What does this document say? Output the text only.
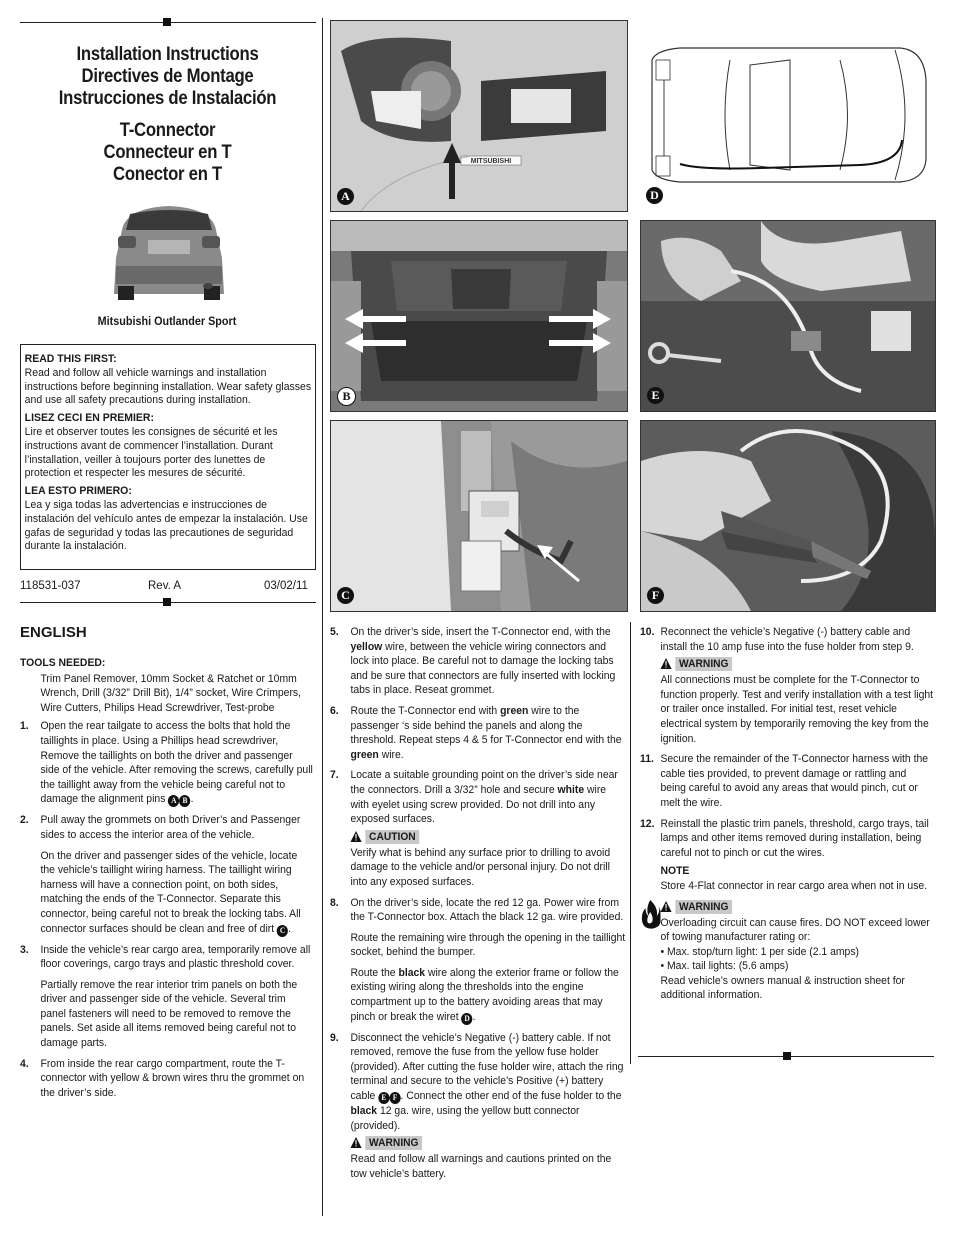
Installation Instructions
Directives de Montage
Instrucciones de Instalación
T-Connector
Connecteur en T
Conector en T
Mitsubishi Outlander Sport
READ THIS FIRST:

Read and follow all vehicle warnings and installation instructions before beginning installation. Wear safety glasses and use all safety precautions during installation.

LISEZ CECI EN PREMIER:

Lire et observer toutes les consignes de sécurité et les instructions avant de commencer l’installation. Durant l’installation, veiller à toujours porter des lunettes de protection et respecter les mesures de sécurité.

LEA ESTO PRIMERO:

Lea y siga todas las advertencias e instrucciones de instalación del vehículo antes de empezar la instalación. Use gafas de seguridad y todas las precautiones de seguridad durante la instalación.

118531-037	Rev. A	03/02/11
MITSUBISHI
A	D
B	E
C	F
ENGLISH
TOOLS NEEDED:
Trim Panel Remover, 10mm Socket & Ratchet or 10mm Wrench, Drill (3/32” Drill Bit), 1/4” socket, Wire Crimpers, Wire Cutters, Philips Head Screwdriver, Test-probe
1. Open the rear tailgate to access the bolts that hold the taillights in place. Using a Phillips head screwdriver, Remove the taillights on both the driver and passenger side of the vehicle. After removing the screws, carefully pull the taillight away from the vehicle being careful not to damage the alignment pins A B .
2. Pull away the grommets on both Driver’s and Passenger sides to access the interior area of the vehicle.
On the driver and passenger sides of the vehicle, locate the vehicle’s taillight wiring harness. The taillight wiring harness will have a connection point, on both sides, matching the ends of the T-Connector. Separate this connector, being careful not to break the locking tabs. All connector surfaces should be clean and free of dirt C .
3. Inside the vehicle’s rear cargo area, temporarily remove all floor coverings, cargo trays and plastic threshold cover.
Partially remove the rear interior trim panels on both the driver and passenger side of the vehicle. Several trim panel fasteners will need to be removed to remove the panels. Set aside all items removed being careful not to damage parts.
4. From inside the rear cargo compartment, route the T-connector with yellow & brown wires thru the grommet on the driver’s side.
5. On the driver’s side, insert the T-Connector end, with the yellow wire, between the vehicle wiring connectors and lock into place. Be careful not to damage the locking tabs and be sure that connectors are fully inserted with locking tabs in place. Reseat grommet.
6. Route the T-Connector end with green wire to the passenger ‘s side behind the panels and along the threshold. Repeat steps 4 & 5 for T-Connector end with the green wire.
7. Locate a suitable grounding point on the driver’s side near the connectors. Drill a 3/32” hole and secure white wire with eyelet using screw provided. Do not drill into any exposed surfaces.
CAUTION
Verify what is behind any surface prior to drilling to avoid damage to the vehicle and/or personal injury. Do not drill into any exposed surfaces.
8. On the driver’s side, locate the red 12 ga. Power wire from the T-Connector box. Attach the black 12 ga. wire provided.
Route the remaining wire through the opening in the taillight socket, behind the bumper.
Route the black wire along the exterior frame or follow the existing wiring along the thresholds into the engine compartment up to the battery avoiding areas that may pinch or break the wiret D .
9. Disconnect the vehicle’s Negative (-) battery cable. If not removed, remove the fuse from the yellow fuse holder (provided). After cutting the fuse holder wire, attach the ring terminal and secure to the vehicle’s Positive (+) battery cable E F . Connect the other end of the fuse holder to the black 12 ga. wire, using the yellow butt connector (provided).
WARNING
Read and follow all warnings and cautions printed on the tow vehicle’s battery.
10. Reconnect the vehicle’s Negative (-) battery cable and install the 10 amp fuse into the fuse holder from step 9.
WARNING
All connections must be complete for the T-Connector to function properly. Test and verify installation with a test light or trailer once installed. For initial test, reset vehicle electrical system by temporarily removing the key from the ignition.
11. Secure the remainder of the T-Connector harness with the cable ties provided, to prevent damage or rattling and being careful to avoid any areas that would pinch, cut or melt the wire.
12. Reinstall the plastic trim panels, threshold, cargo trays, tail lamps and other items removed during installation, being careful not to pinch or cut the wires.
NOTE
Store 4-Flat connector in rear cargo area when not in use.
WARNING
Overloading circuit can cause fires. DO NOT exceed lower of towing manufacturer rating or:
• Max. stop/turn light: 1 per side (2.1 amps)
• Max. tail lights: (5.6 amps)
Read vehicle’s owners manual & instruction sheet for additional information.
